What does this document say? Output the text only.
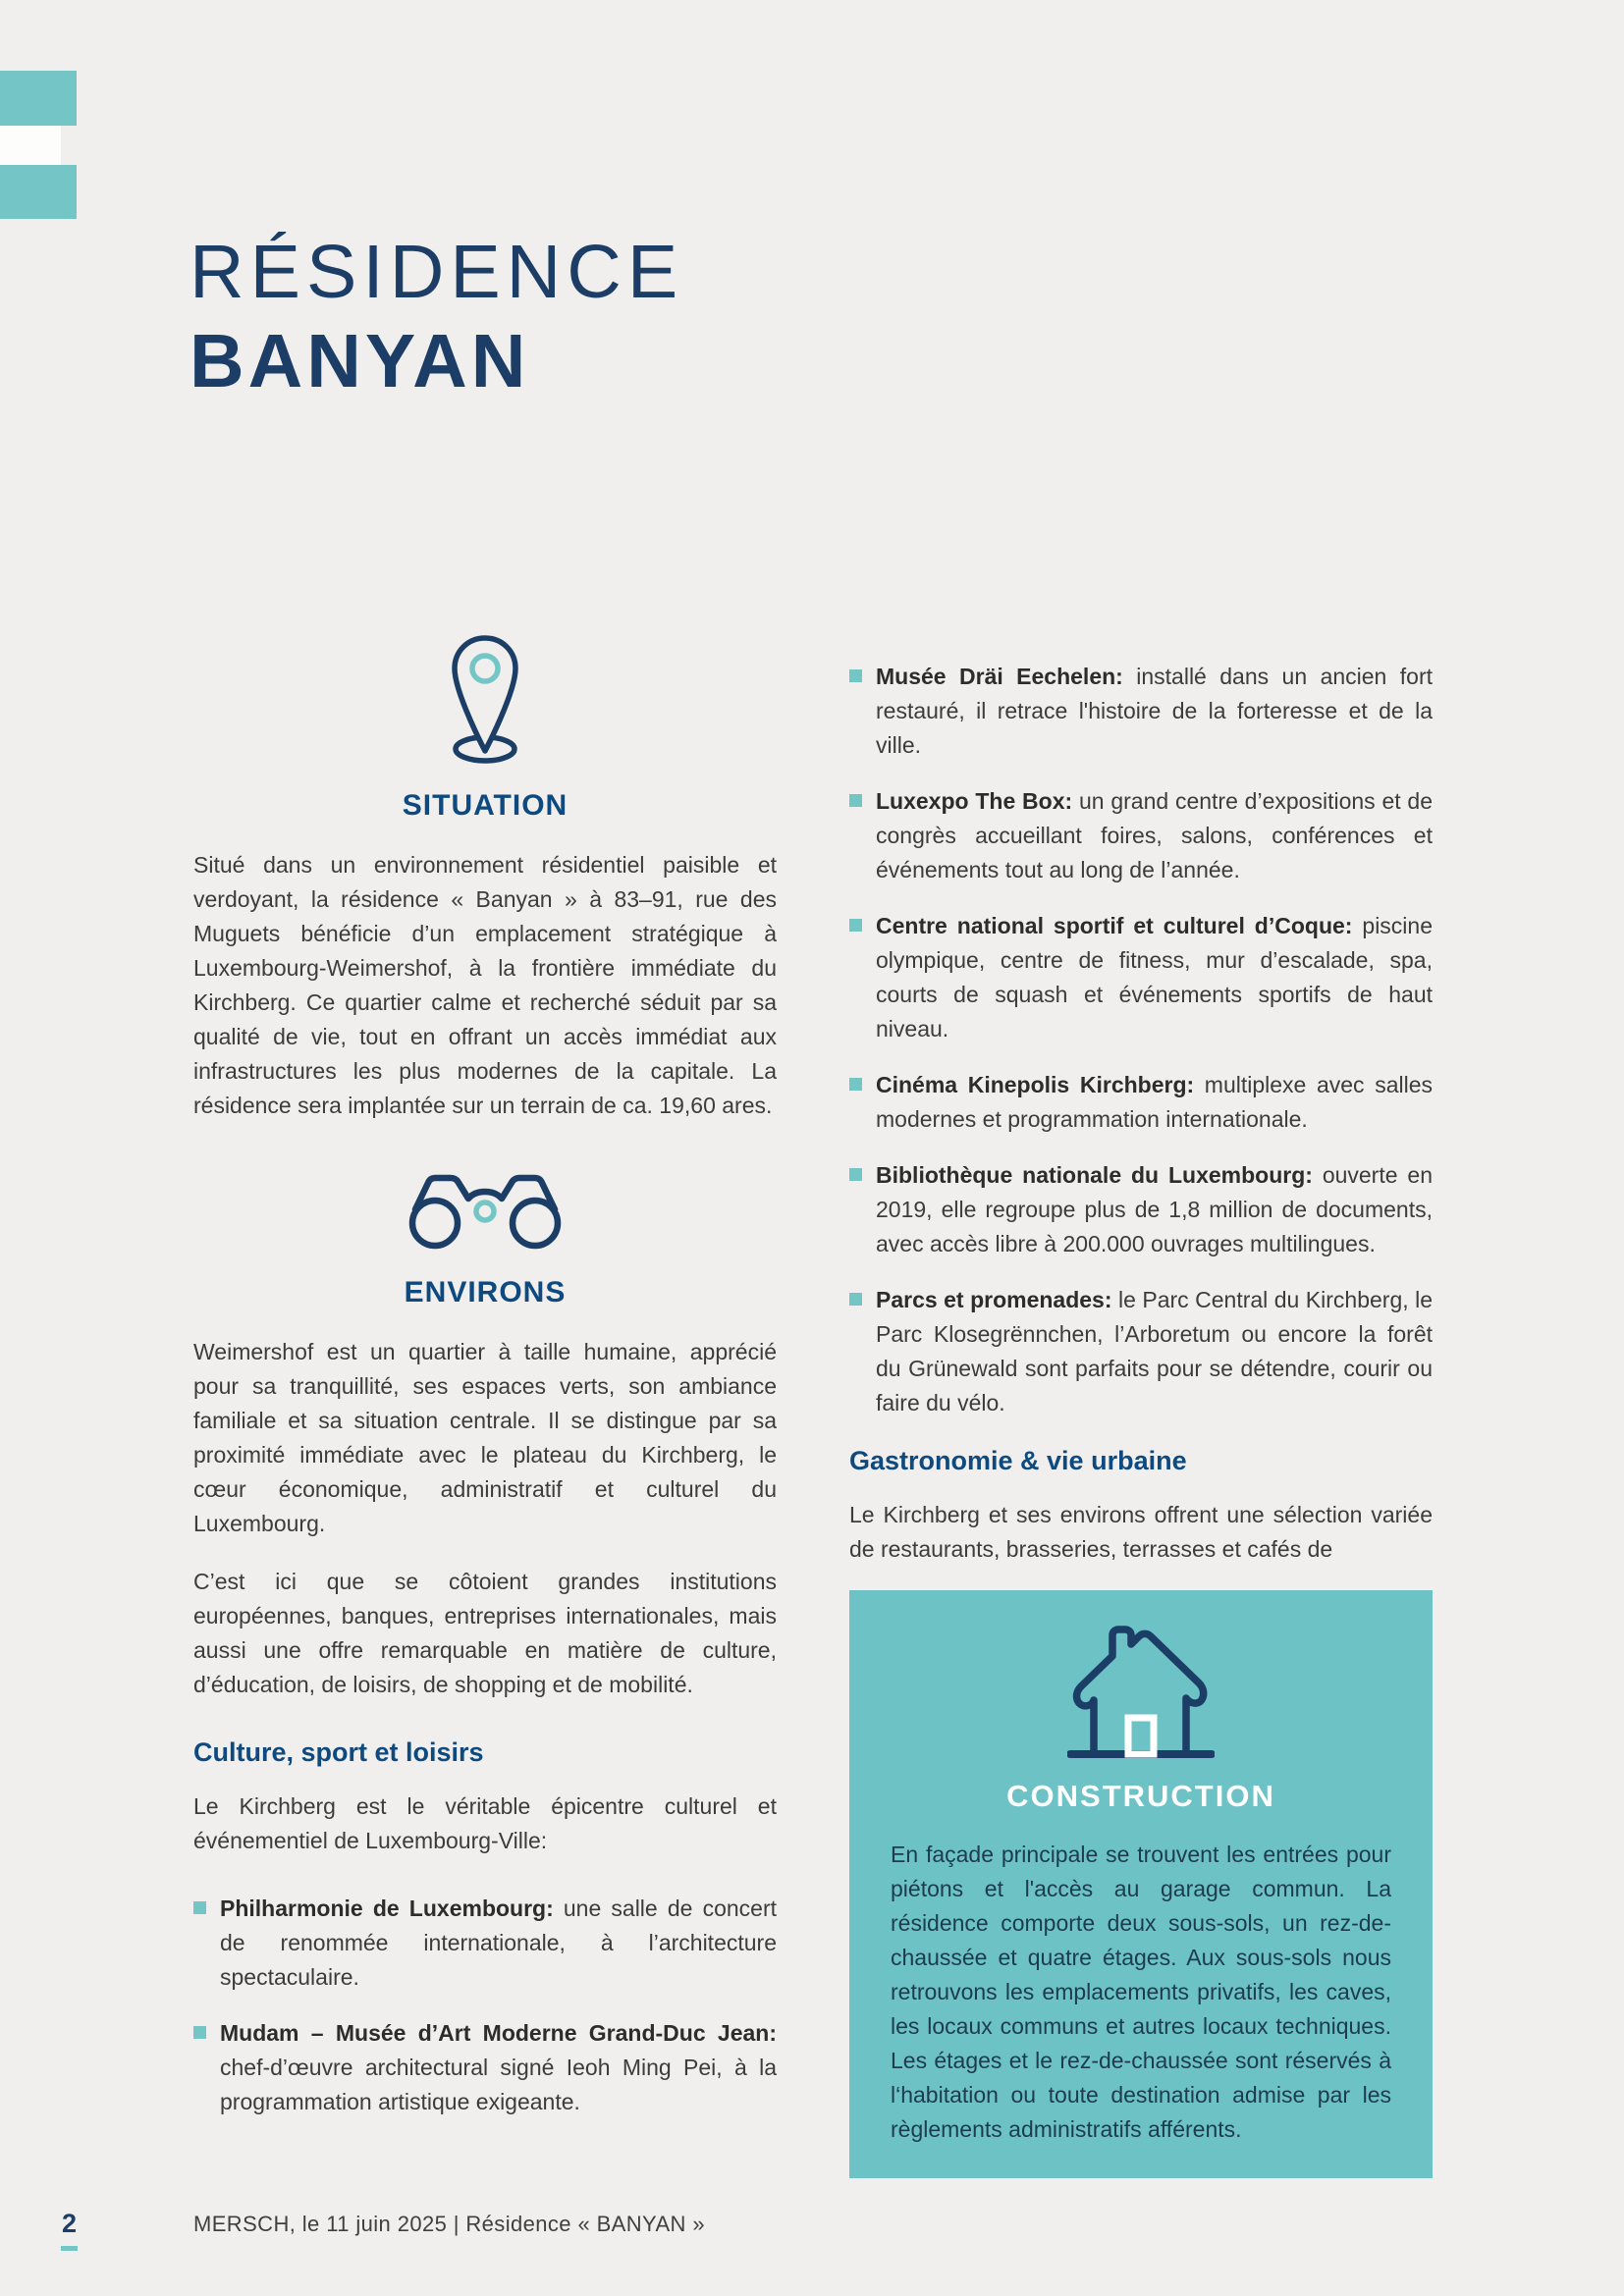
RÉSIDENCE
BANYAN
SITUATION

Situé dans un environnement résidentiel paisible et verdoyant, la résidence « Banyan » à 83–91, rue des Muguets bénéficie d’un emplacement stratégique à Luxembourg-Weimershof, à la frontière immédiate du Kirchberg. Ce quartier calme et recherché séduit par sa qualité de vie, tout en offrant un accès immédiat aux infrastructures les plus modernes de la capitale. La résidence sera implantée sur un terrain de ca. 19,60 ares.

ENVIRONS

Weimershof est un quartier à taille humaine, apprécié pour sa tranquillité, ses espaces verts, son ambiance familiale et sa situation centrale. Il se distingue par sa proximité immédiate avec le plateau du Kirchberg, le cœur économique, administratif et culturel du Luxembourg.

C’est ici que se côtoient grandes institutions européennes, banques, entreprises internationales, mais aussi une offre remarquable en matière de culture, d’éducation, de loisirs, de shopping et de mobilité.

Culture, sport et loisirs

Le Kirchberg est le véritable épicentre culturel et événementiel de Luxembourg-Ville:

Philharmonie de Luxembourg: une salle de concert de renommée internationale, à l’architecture spectaculaire.

Mudam – Musée d’Art Moderne Grand-Duc Jean: chef-d’œuvre architectural signé Ieoh Ming Pei, à la programmation artistique exigeante.

Musée Dräi Eechelen: installé dans un ancien fort restauré, il retrace l'histoire de la forteresse et de la ville.

Luxexpo The Box: un grand centre d’expositions et de congrès accueillant foires, salons, conférences et événements tout au long de l’année.

Centre national sportif et culturel d’Coque: piscine olympique, centre de fitness, mur d’escalade, spa, courts de squash et événements sportifs de haut niveau.

Cinéma Kinepolis Kirchberg: multiplexe avec salles modernes et programmation internationale.

Bibliothèque nationale du Luxembourg: ouverte en 2019, elle regroupe plus de 1,8 million de documents, avec accès libre à 200.000 ouvrages multilingues.

Parcs et promenades: le Parc Central du Kirchberg, le Parc Klosegrënnchen, l’Arboretum ou encore la forêt du Grünewald sont parfaits pour se détendre, courir ou faire du vélo.

Gastronomie & vie urbaine

Le Kirchberg et ses environs offrent une sélection variée de restaurants, brasseries, terrasses et cafés de

CONSTRUCTION

En façade principale se trouvent les entrées pour piétons et l'accès au garage commun. La résidence comporte deux sous-sols, un rez-de-chaussée et quatre étages. Aux sous-sols nous retrouvons les emplacements privatifs, les caves, les locaux communs et autres locaux techniques. Les étages et le rez-de-chaussée sont réservés à l‘habitation ou toute destination admise par les règlements administratifs afférents.

2	MERSCH, le 11 juin 2025 | Résidence « BANYAN »
